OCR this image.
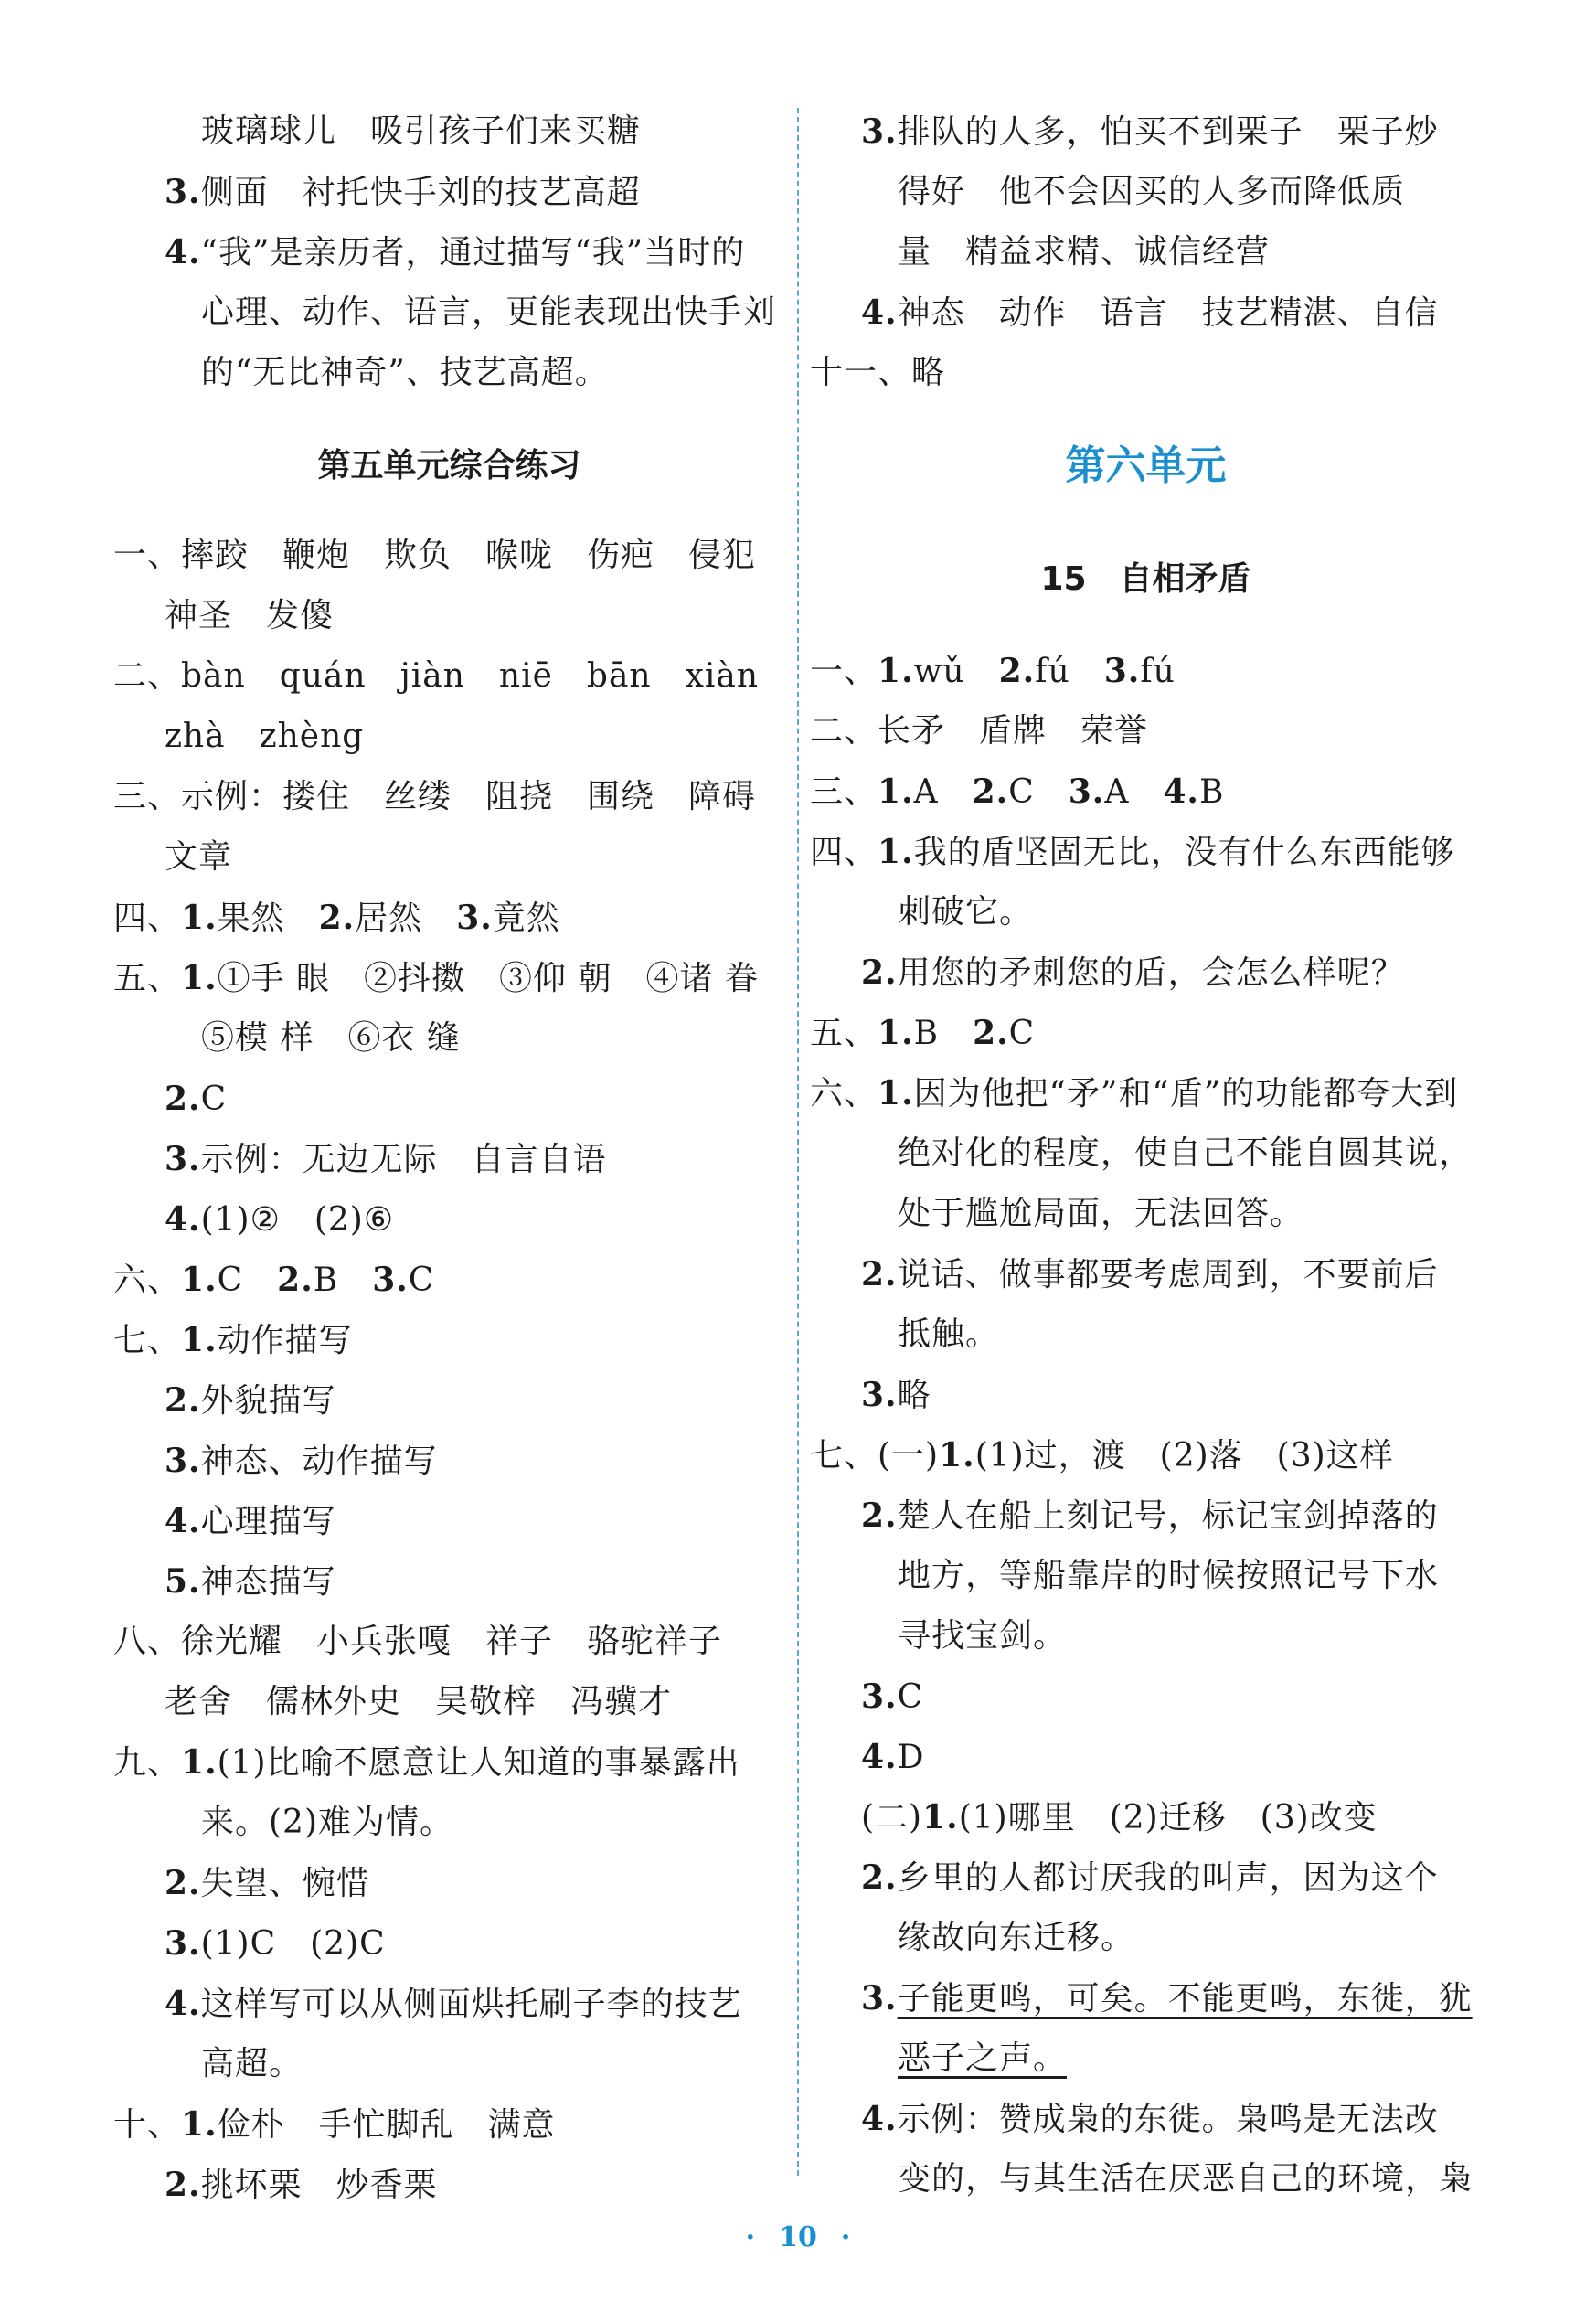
玻璃球儿　吸引孩子们来买糖
3.侧面　衬托快手刘的技艺高超
4.“我”是亲历者，通过描写“我”当时的
心理、动作、语言，更能表现出快手刘
的“无比神奇”、技艺高超。
第五单元综合练习
一、摔跤　鞭炮　欺负　喉咙　伤疤　侵犯
神圣　发傻
二、bàn　quán　jiàn　niē　bān　xiàn
zhà　zhèng
三、示例：搂住　丝缕　阻挠　围绕　障碍
文章
四、1.果然　2.居然　3.竟然
五、1.①手 眼　②抖擞　③仰 朝　④诸 眷
⑤模 样　⑥衣 缝
2.C
3.示例：无边无际　自言自语
4.(1)②　(2)⑥
六、1.C　2.B　3.C
七、1.动作描写
2.外貌描写
3.神态、动作描写
4.心理描写
5.神态描写
八、徐光耀　小兵张嘎　祥子　骆驼祥子
老舍　儒林外史　吴敬梓　冯骥才
九、1.(1)比喻不愿意让人知道的事暴露出
来。(2)难为情。
2.失望、惋惜
3.(1)C　(2)C
4.这样写可以从侧面烘托刷子李的技艺
高超。
十、1.俭朴　手忙脚乱　满意
2.挑坏栗　炒香栗
3.排队的人多，怕买不到栗子　栗子炒
得好　他不会因买的人多而降低质
量　精益求精、诚信经营
4.神态　动作　语言　技艺精湛、自信
十一、略
第六单元
15　自相矛盾
一、1.wǔ　2.fú　3.fú
二、长矛　盾牌　荣誉
三、1.A　2.C　3.A　4.B
四、1.我的盾坚固无比，没有什么东西能够
刺破它。
2.用您的矛刺您的盾，会怎么样呢？
五、1.B　2.C
六、1.因为他把“矛”和“盾”的功能都夸大到
绝对化的程度，使自己不能自圆其说，
处于尴尬局面，无法回答。
2.说话、做事都要考虑周到，不要前后
抵触。
3.略
七、(一)1.(1)过，渡　(2)落　(3)这样
2.楚人在船上刻记号，标记宝剑掉落的
地方，等船靠岸的时候按照记号下水
寻找宝剑。
3.C
4.D
(二)1.(1)哪里　(2)迁移　(3)改变
2.乡里的人都讨厌我的叫声，因为这个
缘故向东迁移。
3.子能更鸣，可矣。不能更鸣，东徙，犹
恶子之声。
4.示例：赞成枭的东徙。枭鸣是无法改
变的，与其生活在厌恶自己的环境，枭
· 10 ·
